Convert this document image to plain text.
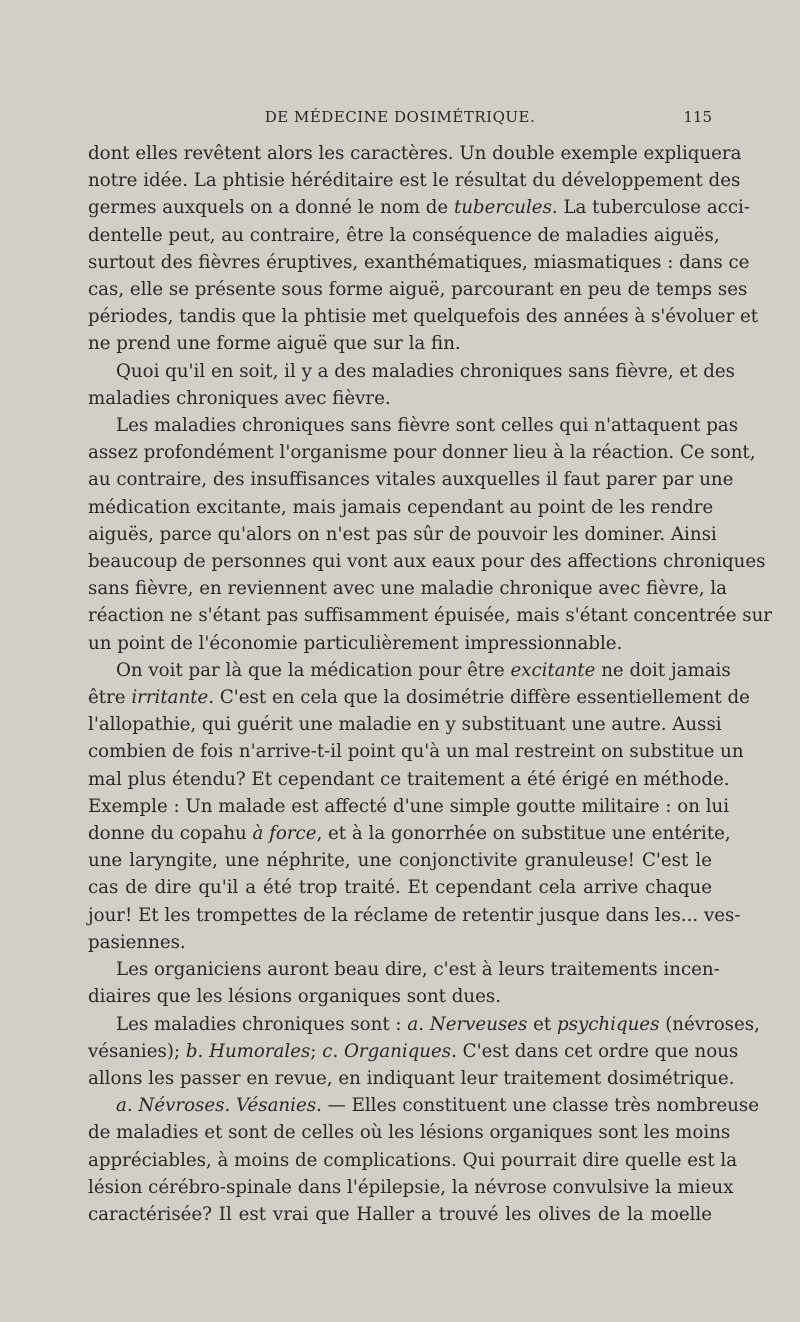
DE MÉDECINE DOSIMÉTRIQUE.	115
dont elles revêtent alors les caractères. Un double exemple expliquera
notre idée. La phtisie héréditaire est le résultat du développement des
germes auxquels on a donné le nom de tubercules. La tuberculose acci-
dentelle peut, au contraire, être la conséquence de maladies aiguës,
surtout des fièvres éruptives, exanthématiques, miasmatiques : dans ce
cas, elle se présente sous forme aiguë, parcourant en peu de temps ses
périodes, tandis que la phtisie met quelquefois des années à s'évoluer et
ne prend une forme aiguë que sur la fin.
Quoi qu'il en soit, il y a des maladies chroniques sans fièvre, et des
maladies chroniques avec fièvre.
Les maladies chroniques sans fièvre sont celles qui n'attaquent pas
assez profondément l'organisme pour donner lieu à la réaction. Ce sont,
au contraire, des insuffisances vitales auxquelles il faut parer par une
médication excitante, mais jamais cependant au point de les rendre
aiguës, parce qu'alors on n'est pas sûr de pouvoir les dominer. Ainsi
beaucoup de personnes qui vont aux eaux pour des affections chroniques
sans fièvre, en reviennent avec une maladie chronique avec fièvre, la
réaction ne s'étant pas suffisamment épuisée, mais s'étant concentrée sur
un point de l'économie particulièrement impressionnable.
On voit par là que la médication pour être excitante ne doit jamais
être irritante. C'est en cela que la dosimétrie diffère essentiellement de
l'allopathie, qui guérit une maladie en y substituant une autre. Aussi
combien de fois n'arrive-t-il point qu'à un mal restreint on substitue un
mal plus étendu? Et cependant ce traitement a été érigé en méthode.
Exemple : Un malade est affecté d'une simple goutte militaire : on lui
donne du copahu à force, et à la gonorrhée on substitue une entérite,
une laryngite, une néphrite, une conjonctivite granuleuse! C'est le
cas de dire qu'il a été trop traité. Et cependant cela arrive chaque
jour! Et les trompettes de la réclame de retentir jusque dans les... ves-
pasiennes.
Les organiciens auront beau dire, c'est à leurs traitements incen-
diaires que les lésions organiques sont dues.
Les maladies chroniques sont : a. Nerveuses et psychiques (névroses,
vésanies); b. Humorales; c. Organiques. C'est dans cet ordre que nous
allons les passer en revue, en indiquant leur traitement dosimétrique.
a. Névroses. Vésanies. — Elles constituent une classe très nombreuse
de maladies et sont de celles où les lésions organiques sont les moins
appréciables, à moins de complications. Qui pourrait dire quelle est la
lésion cérébro-spinale dans l'épilepsie, la névrose convulsive la mieux
caractérisée? Il est vrai que Haller a trouvé les olives de la moelle
